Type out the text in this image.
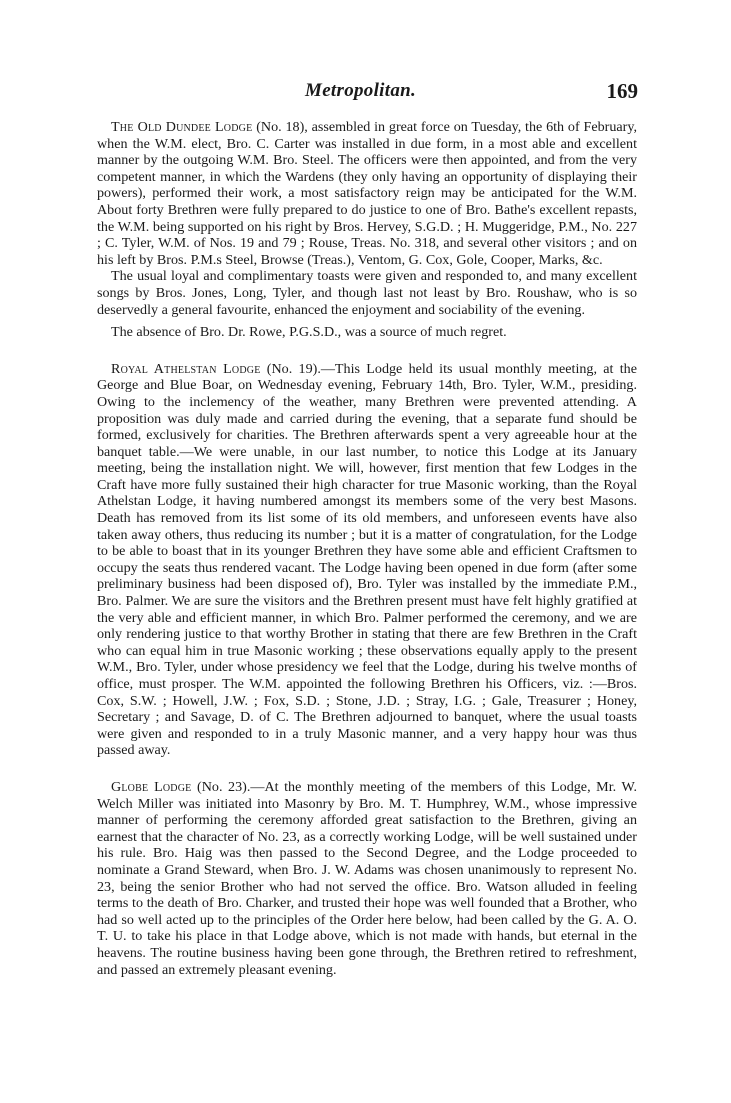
Metropolitan.	169

The Old Dundee Lodge (No. 18), assembled in great force on Tuesday, the 6th of February, when the W.M. elect, Bro. C. Carter was installed in due form, in a most able and excellent manner by the outgoing W.M. Bro. Steel. The officers were then appointed, and from the very competent manner, in which the Wardens (they only having an opportunity of displaying their powers), performed their work, a most satisfactory reign may be anticipated for the W.M. About forty Brethren were fully prepared to do justice to one of Bro. Bathe's excellent repasts, the W.M. being supported on his right by Bros. Hervey, S.G.D. ; H. Muggeridge, P.M., No. 227 ; C. Tyler, W.M. of Nos. 19 and 79 ; Rouse, Treas. No. 318, and several other visitors ; and on his left by Bros. P.M.s Steel, Browse (Treas.), Ventom, G. Cox, Gole, Cooper, Marks, &c.

The usual loyal and complimentary toasts were given and responded to, and many excellent songs by Bros. Jones, Long, Tyler, and though last not least by Bro. Roushaw, who is so deservedly a general favourite, enhanced the enjoyment and sociability of the evening.

The absence of Bro. Dr. Rowe, P.G.S.D., was a source of much regret.

Royal Athelstan Lodge (No. 19).—This Lodge held its usual monthly meeting, at the George and Blue Boar, on Wednesday evening, February 14th, Bro. Tyler, W.M., presiding. Owing to the inclemency of the weather, many Brethren were prevented attending. A proposition was duly made and carried during the evening, that a separate fund should be formed, exclusively for charities. The Brethren afterwards spent a very agreeable hour at the banquet table.—We were unable, in our last number, to notice this Lodge at its January meeting, being the installation night. We will, however, first mention that few Lodges in the Craft have more fully sustained their high character for true Masonic working, than the Royal Athelstan Lodge, it having numbered amongst its members some of the very best Masons. Death has removed from its list some of its old members, and unforeseen events have also taken away others, thus reducing its number ; but it is a matter of congratulation, for the Lodge to be able to boast that in its younger Brethren they have some able and efficient Craftsmen to occupy the seats thus rendered vacant. The Lodge having been opened in due form (after some preliminary business had been disposed of), Bro. Tyler was installed by the immediate P.M., Bro. Palmer. We are sure the visitors and the Brethren present must have felt highly gratified at the very able and efficient manner, in which Bro. Palmer performed the ceremony, and we are only rendering justice to that worthy Brother in stating that there are few Brethren in the Craft who can equal him in true Masonic working ; these observations equally apply to the present W.M., Bro. Tyler, under whose presidency we feel that the Lodge, during his twelve months of office, must prosper. The W.M. appointed the following Brethren his Officers, viz. :—Bros. Cox, S.W. ; Howell, J.W. ; Fox, S.D. ; Stone, J.D. ; Stray, I.G. ; Gale, Treasurer ; Honey, Secretary ; and Savage, D. of C. The Brethren adjourned to banquet, where the usual toasts were given and responded to in a truly Masonic manner, and a very happy hour was thus passed away.

Globe Lodge (No. 23).—At the monthly meeting of the members of this Lodge, Mr. W. Welch Miller was initiated into Masonry by Bro. M. T. Humphrey, W.M., whose impressive manner of performing the ceremony afforded great satisfaction to the Brethren, giving an earnest that the character of No. 23, as a correctly working Lodge, will be well sustained under his rule. Bro. Haig was then passed to the Second Degree, and the Lodge proceeded to nominate a Grand Steward, when Bro. J. W. Adams was chosen unanimously to represent No. 23, being the senior Brother who had not served the office. Bro. Watson alluded in feeling terms to the death of Bro. Charker, and trusted their hope was well founded that a Brother, who had so well acted up to the principles of the Order here below, had been called by the G. A. O. T. U. to take his place in that Lodge above, which is not made with hands, but eternal in the heavens. The routine business having been gone through, the Brethren retired to refreshment, and passed an extremely pleasant evening.
